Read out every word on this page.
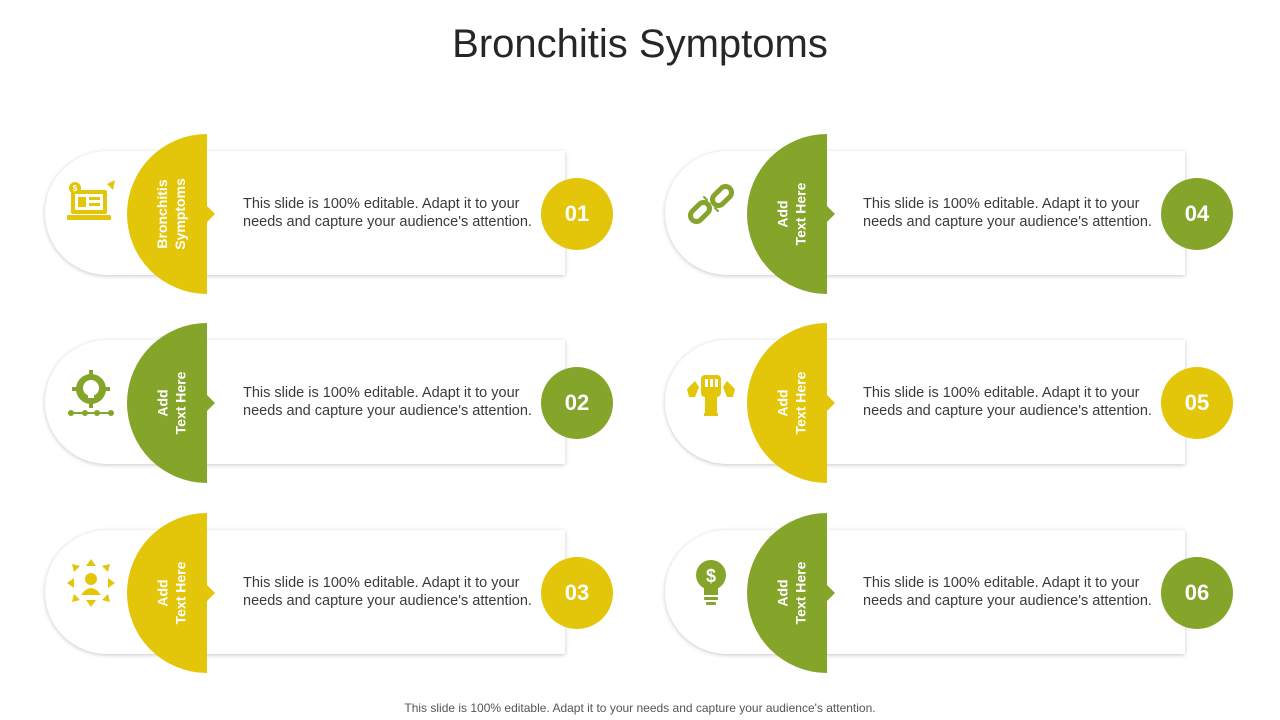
Bronchitis Symptoms
$	Bronchitis
Symptoms	This slide is 100% editable. Adapt it to your needs and capture your audience's attention.	01
Add
Text Here	This slide is 100% editable. Adapt it to your needs and capture your audience's attention.	02
Add
Text Here	This slide is 100% editable. Adapt it to your needs and capture your audience's attention.	03
Add
Text Here	This slide is 100% editable. Adapt it to your needs and capture your audience's attention.	04
Add
Text Here	This slide is 100% editable. Adapt it to your needs and capture your audience's attention.	05
$
Add
Text Here	This slide is 100% editable. Adapt it to your needs and capture your audience's attention.	06
This slide is 100% editable. Adapt it to your needs and capture your audience's attention.
